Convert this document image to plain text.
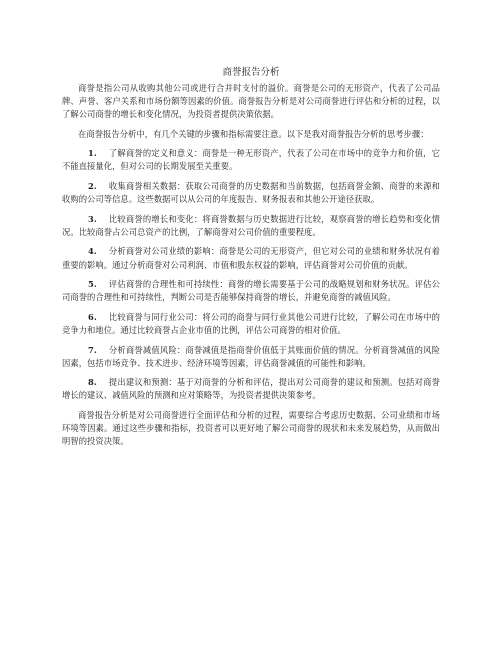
商誉报告分析

商誉是指公司从收购其他公司或进行合并时支付的溢价。商誉是公司的无形资产，代表了公司品牌、声誉、客户关系和市场份额等因素的价值。商誉报告分析是对公司商誉进行评估和分析的过程，以了解公司商誉的增长和变化情况，为投资者提供决策依据。

在商誉报告分析中，有几个关键的步骤和指标需要注意。以下是我对商誉报告分析的思考步骤：

1 . 了解商誉的定义和意义：商誉是一种无形资产，代表了公司在市场中的竞争力和价值，它不能直接量化，但对公司的长期发展至关重要。

2 . 收集商誉相关数据：获取公司商誉的历史数据和当前数据，包括商誉金额、商誉的来源和收购的公司等信息。这些数据可以从公司的年度报告、财务报表和其他公开途径获取。

3 . 比较商誉的增长和变化：将商誉数据与历史数据进行比较，观察商誉的增长趋势和变化情况。比较商誉占公司总资产的比例，了解商誉对公司价值的重要程度。

4 . 分析商誉对公司业绩的影响：商誉是公司的无形资产，但它对公司的业绩和财务状况有着重要的影响。通过分析商誉对公司利润、市值和股东权益的影响，评估商誉对公司价值的贡献。

5 . 评估商誉的合理性和可持续性：商誉的增长需要基于公司的战略规划和财务状况。评估公司商誉的合理性和可持续性，判断公司是否能够保持商誉的增长，并避免商誉的减值风险。

6 . 比较商誉与同行业公司：将公司的商誉与同行业其他公司进行比较，了解公司在市场中的竞争力和地位。通过比较商誉占企业市值的比例，评估公司商誉的相对价值。

7 . 分析商誉减值风险：商誉减值是指商誉价值低于其账面价值的情况。分析商誉减值的风险因素，包括市场竞争、技术进步、经济环境等因素，评估商誉减值的可能性和影响。

8 . 提出建议和预测：基于对商誉的分析和评估，提出对公司商誉的建议和预测。包括对商誉增长的建议、减值风险的预测和应对策略等，为投资者提供决策参考。

商誉报告分析是对公司商誉进行全面评估和分析的过程，需要综合考虑历史数据、公司业绩和市场环境等因素。通过这些步骤和指标，投资者可以更好地了解公司商誉的现状和未来发展趋势，从而做出明智的投资决策。
